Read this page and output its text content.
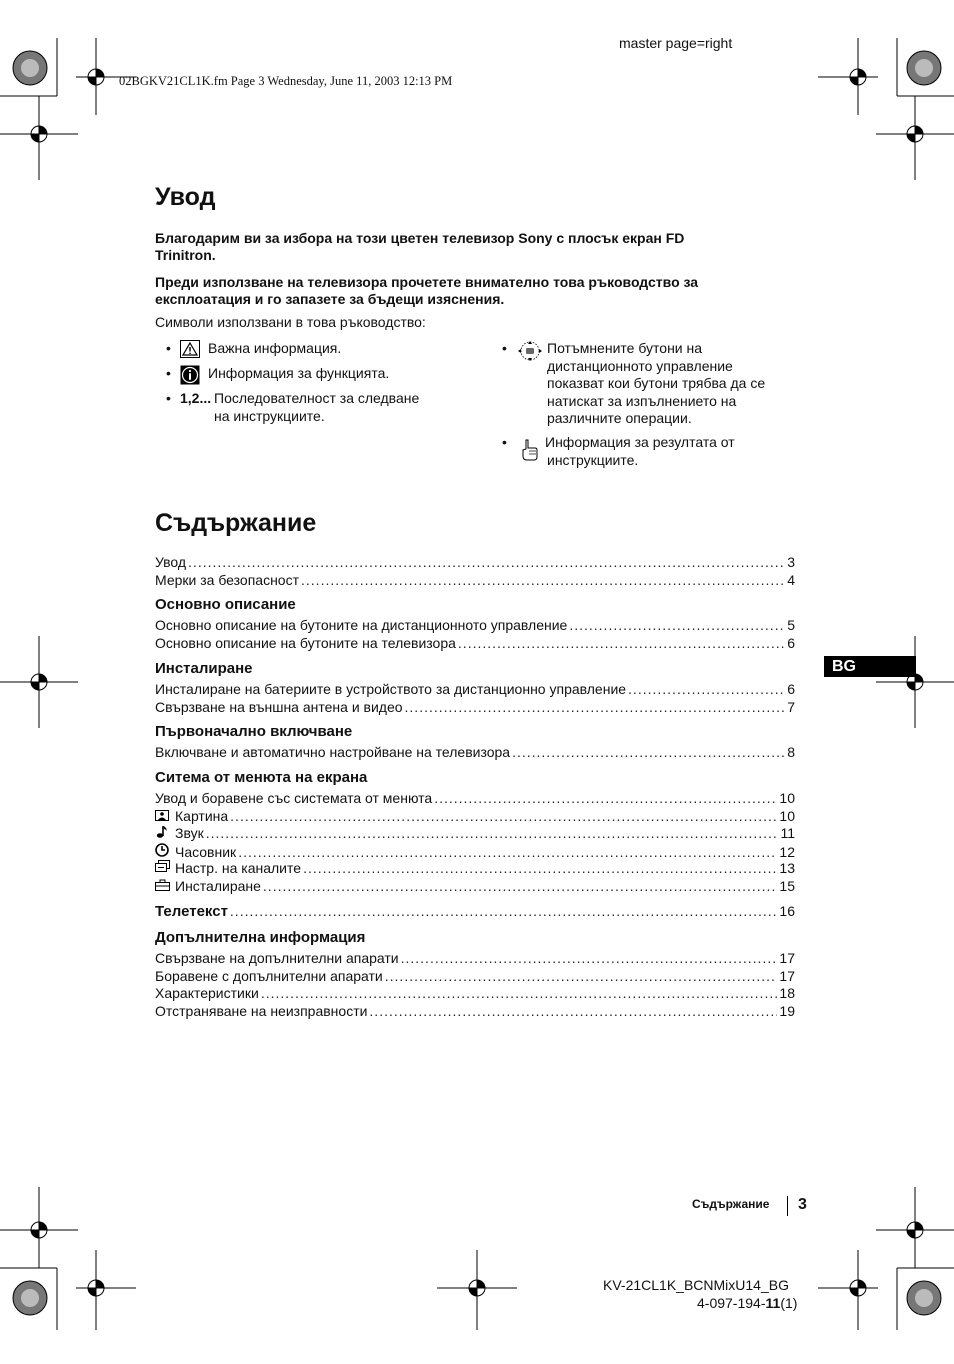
master page=right
02BGKV21CL1K.fm Page 3 Wednesday, June 11, 2003 12:13 PM
Увод
Благодарим ви за избора на този цветен телевизор Sony с плосък екран FD
Trinitron.
Преди използване на телевизора прочетете внимателно това ръководство за
експлоатация и го запазете за бъдещи изяснения.
Символи използвани в това ръководство:
•	Важна информация.
•	Информация за функцията.
• 1,2... Последователност за следване
на инструкциите.
•	Потъмнените бутони на
дистанционното управление
показват кои бутони трябва да се
натискат за изпълнението на
различните операции.
•	Информация за резултата от
инструкциите.
Съдържание
Увод .....	3
Мерки за безопасност .....	4
Основно описание
Основно описание на бутоните на дистанционното управление .....	5
Основно описание на бутоните на телевизора .....	6
Инсталиране
Инсталиране на батериите в устройството за дистанционно управление .....	6
Свързване на външна антена и видео .....	7
Първоначално включване
Включване и автоматично настройване на телевизора .....	8
Ситема от менюта на екрана
Увод и боравене със системата от менюта .....	10
Картина .....	10
Звук .....	11
Часовник .....	12
Настр. на каналите .....	13
Инсталиране .....	15
Телетекст .....	16
Допълнителна информация
Свързване на допълнителни апарати .....	17
Боравене с допълнителни апарати .....	17
Характеристики .....	18
Отстраняване на неизправности .....	19
BG
Съдържание 3
KV-21CL1K_BCNMixU14_BG
4-097-194-11(1)
